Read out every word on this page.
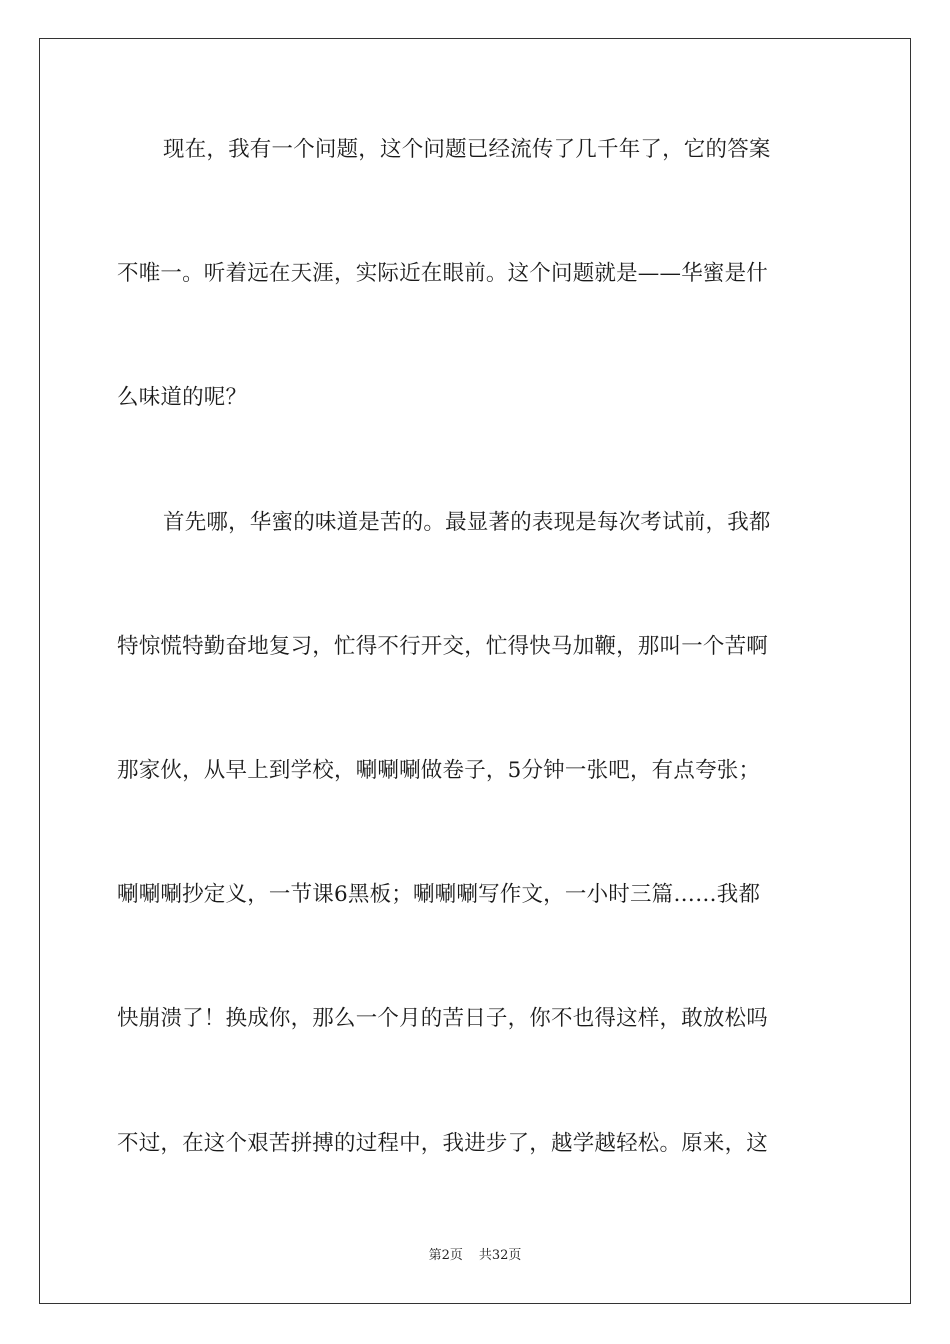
现在，我有一个问题，这个问题已经流传了几千年了，它的答案
不唯一。听着远在天涯，实际近在眼前。这个问题就是——华蜜是什
么味道的呢？
首先哪，华蜜的味道是苦的。最显著的表现是每次考试前，我都
特惊慌特勤奋地复习，忙得不行开交，忙得快马加鞭，那叫一个苦啊
那家伙，从早上到学校，唰唰唰做卷子，5分钟一张吧，有点夸张；
唰唰唰抄定义，一节课6黑板；唰唰唰写作文，一小时三篇……我都
快崩溃了！换成你，那么一个月的苦日子，你不也得这样，敢放松吗
不过，在这个艰苦拼搏的过程中，我进步了，越学越轻松。原来，这
第2页 共32页
